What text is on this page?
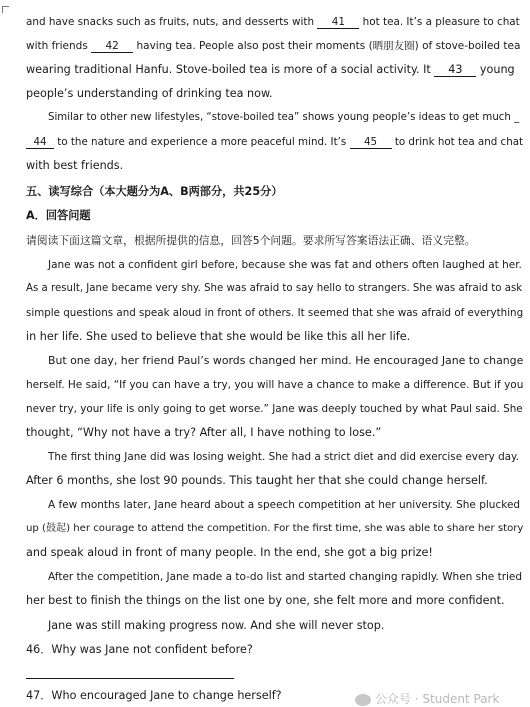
and have snacks such as fruits, nuts, and desserts with 41 hot tea. It’s a pleasure to chat
with friends 42 having tea. People also post their moments (晒朋友圈) of stove-boiled tea
wearing traditional Hanfu. Stove-boiled tea is more of a social activity. It 43 young
people’s understanding of drinking tea now.
Similar to other new lifestyles, “stove-boiled tea” shows young people’s ideas to get much _
44 to the nature and experience a more peaceful mind. It’s 45 to drink hot tea and chat
with best friends.
五、读写综合（本大题分为A、B两部分，共25分）
A．回答问题
请阅读下面这篇文章，根据所提供的信息，回答5个问题。要求所写答案语法正确、语义完整。
Jane was not a confident girl before, because she was fat and others often laughed at her.
As a result, Jane became very shy. She was afraid to say hello to strangers. She was afraid to ask
simple questions and speak aloud in front of others. It seemed that she was afraid of everything
in her life. She used to believe that she would be like this all her life.
But one day, her friend Paul’s words changed her mind. He encouraged Jane to change
herself. He said, “If you can have a try, you will have a chance to make a difference. But if you
never try, your life is only going to get worse.” Jane was deeply touched by what Paul said. She
thought, “Why not have a try? After all, I have nothing to lose.”
The first thing Jane did was losing weight. She had a strict diet and did exercise every day.
After 6 months, she lost 90 pounds. This taught her that she could change herself.
A few months later, Jane heard about a speech competition at her university. She plucked
up (鼓起) her courage to attend the competition. For the first time, she was able to share her story
and speak aloud in front of many people. In the end, she got a big prize!
After the competition, Jane made a to-do list and started changing rapidly. When she tried
her best to finish the things on the list one by one, she felt more and more confident.
Jane was still making progress now. And she will never stop.
46．Why was Jane not confident before?
47．Who encouraged Jane to change herself?	公众号 · Student Park
